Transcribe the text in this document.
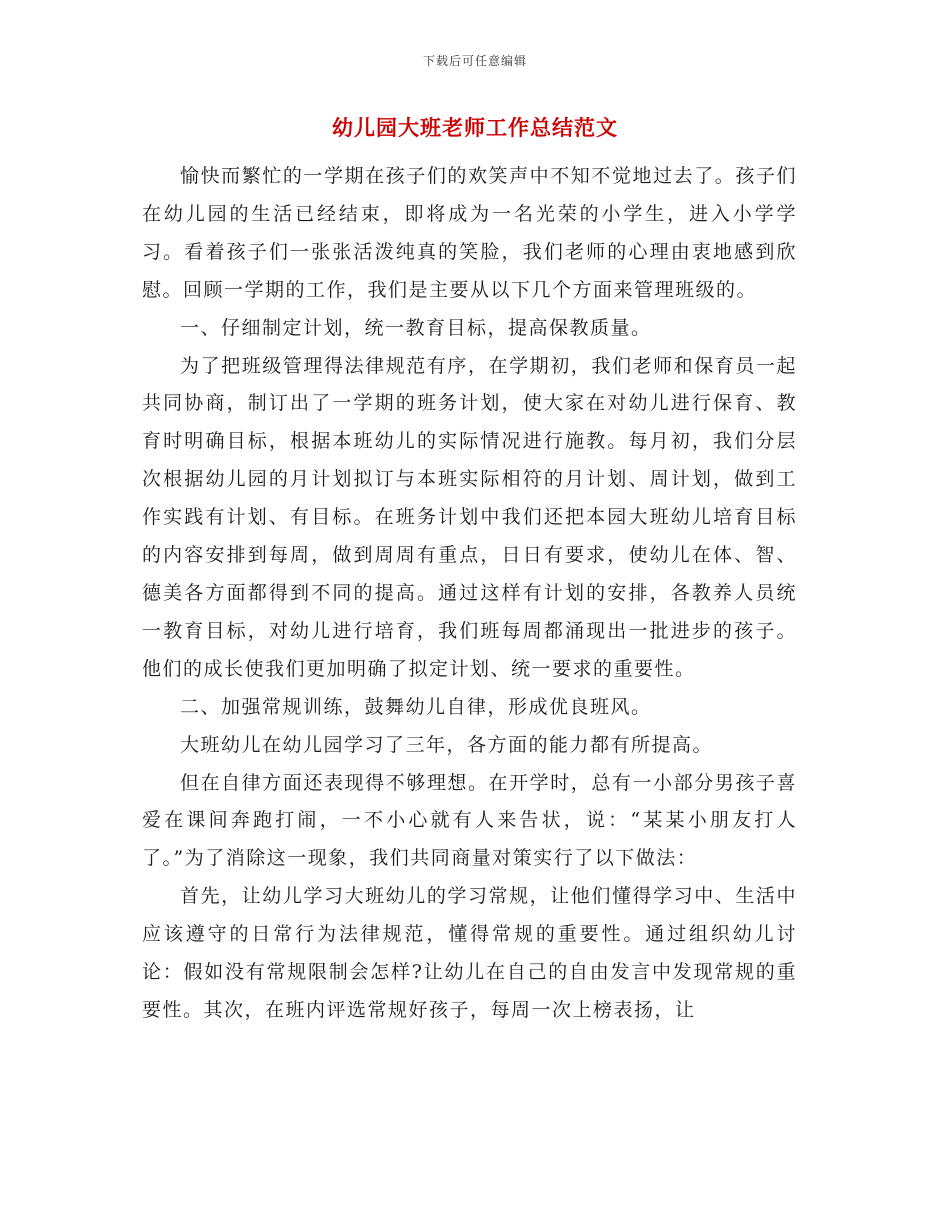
下载后可任意编辑
幼儿园大班老师工作总结范文

愉快而繁忙的一学期在孩子们的欢笑声中不知不觉地过去了。孩子们在幼儿园的生活已经结束，即将成为一名光荣的小学生，进入小学学习。看着孩子们一张张活泼纯真的笑脸，我们老师的心理由衷地感到欣慰。回顾一学期的工作，我们是主要从以下几个方面来管理班级的。

一、仔细制定计划，统一教育目标，提高保教质量。

为了把班级管理得法律规范有序，在学期初，我们老师和保育员一起共同协商，制订出了一学期的班务计划，使大家在对幼儿进行保育、教育时明确目标，根据本班幼儿的实际情况进行施教。每月初，我们分层次根据幼儿园的月计划拟订与本班实际相符的月计划、周计划，做到工作实践有计划、有目标。在班务计划中我们还把本园大班幼儿培育目标的内容安排到每周，做到周周有重点，日日有要求，使幼儿在体、智、德美各方面都得到不同的提高。通过这样有计划的安排，各教养人员统一教育目标，对幼儿进行培育，我们班每周都涌现出一批进步的孩子。他们的成长使我们更加明确了拟定计划、统一要求的重要性。

二、加强常规训练，鼓舞幼儿自律，形成优良班风。

大班幼儿在幼儿园学习了三年，各方面的能力都有所提高。

但在自律方面还表现得不够理想。在开学时，总有一小部分男孩子喜爱在课间奔跑打闹，一不小心就有人来告状，说：“某某小朋友打人了。”为了消除这一现象，我们共同商量对策实行了以下做法：

首先，让幼儿学习大班幼儿的学习常规，让他们懂得学习中、生活中应该遵守的日常行为法律规范，懂得常规的重要性。通过组织幼儿讨论：假如没有常规限制会怎样?让幼儿在自己的自由发言中发现常规的重要性。其次，在班内评选常规好孩子，每周一次上榜表扬，让
